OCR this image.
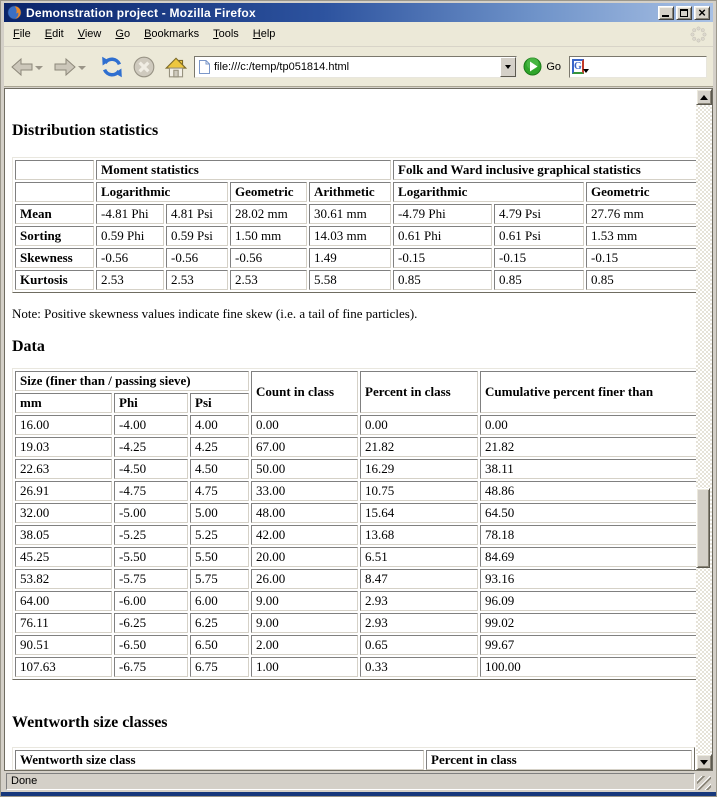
Demonstration project - Mozilla Firefox
×
File	Edit	View	Go	Bookmarks	Tools	Help
file:///c:/temp/tp051814.html
Go G
Distribution statistics
	Moment statistics				Folk and Ward inclusive graphical statistics		
	Logarithmic		Geometric	Arithmetic	Logarithmic		Geometric
Mean	-4.81 Phi	4.81 Psi	28.02 mm	30.61 mm	-4.79 Phi	4.79 Psi	27.76 mm
Sorting	0.59 Phi	0.59 Psi	1.50 mm	14.03 mm	0.61 Phi	0.61 Psi	1.53 mm
Skewness	-0.56	-0.56	-0.56	1.49	-0.15	-0.15	-0.15
Kurtosis	2.53	2.53	2.53	5.58	0.85	0.85	0.85

Note: Positive skewness values indicate fine skew (i.e. a tail of fine particles).

Data
Size (finer than / passing sieve)			Count in class	Percent in class	Cumulative percent finer than
mm	Phi	Psi			
16.00	-4.00	4.00	0.00	0.00	0.00
19.03	-4.25	4.25	67.00	21.82	21.82
22.63	-4.50	4.50	50.00	16.29	38.11
26.91	-4.75	4.75	33.00	10.75	48.86
32.00	-5.00	5.00	48.00	15.64	64.50
38.05	-5.25	5.25	42.00	13.68	78.18
45.25	-5.50	5.50	20.00	6.51	84.69
53.82	-5.75	5.75	26.00	8.47	93.16
64.00	-6.00	6.00	9.00	2.93	96.09
76.11	-6.25	6.25	9.00	2.93	99.02
90.51	-6.50	6.50	2.00	0.65	99.67
107.63	-6.75	6.75	1.00	0.33	100.00
Wentworth size classes
Wentworth size class	Percent in class

Done
